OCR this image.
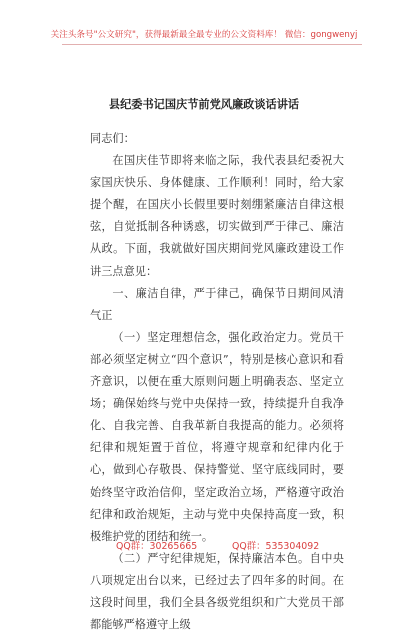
关注头条号"公文研究"，获得最新最全最专业的公文资料库！ 微信：gongwenyj
县纪委书记国庆节前党风廉政谈话讲话

同志们：

在国庆佳节即将来临之际，我代表县纪委祝大家国庆快乐、身体健康、工作顺利！同时，给大家提个醒，在国庆小长假里要时刻绷紧廉洁自律这根弦，自觉抵制各种诱惑，切实做到严于律己、廉洁从政。下面，我就做好国庆期间党风廉政建设工作讲三点意见：

一、廉洁自律，严于律己，确保节日期间风清气正

（一）坚定理想信念，强化政治定力。党员干部必须坚定树立“四个意识”，特别是核心意识和看齐意识，以便在重大原则问题上明确表态、坚定立场；确保始终与党中央保持一致，持续提升自我净化、自我完善、自我革新自我提高的能力。必须将纪律和规矩置于首位，将遵守规章和纪律内化于心，做到心存敬畏、保持警觉、坚守底线同时，要始终坚守政治信仰，坚定政治立场，严格遵守政治纪律和政治规矩，主动与党中央保持高度一致，积极维护党的团结和统一。

（二）严守纪律规矩，保持廉洁本色。自中央八项规定出台以来，已经过去了四年多的时间。在这段时间里，我们全县各级党组织和广大党员干部都能够严格遵守上级

QQ群：30265665	QQ群：535304092
